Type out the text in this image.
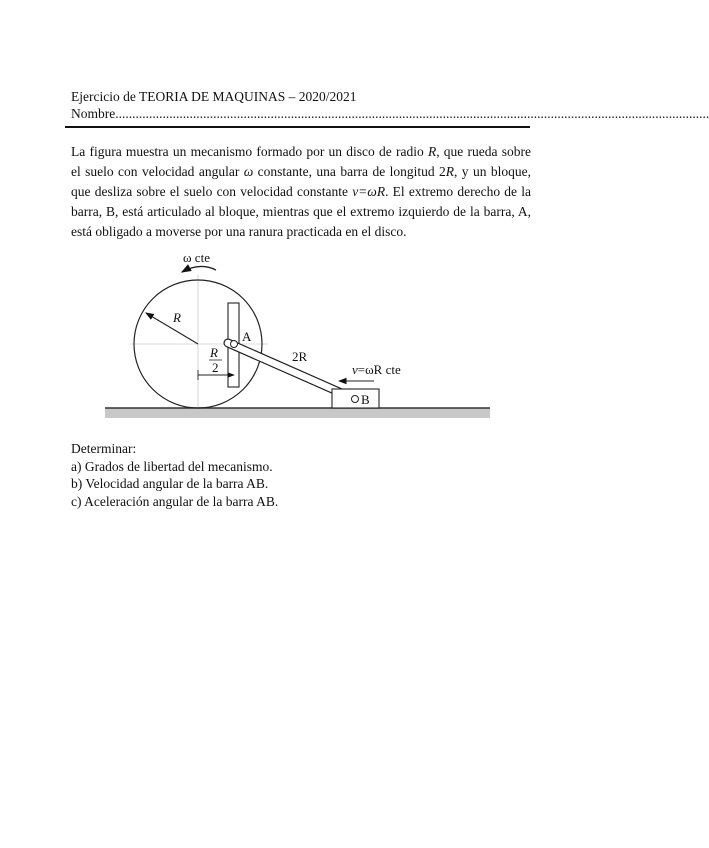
Ejercicio de TEORIA DE MAQUINAS – 2020/2021
Nombre................................................................................................................................................................................
La figura muestra un mecanismo formado por un disco de radio R, que rueda sobre el suelo con velocidad angular ω constante, una barra de longitud 2R, y un bloque, que desliza sobre el suelo con velocidad constante v=ωR. El extremo derecho de la barra, B, está articulado al bloque, mientras que el extremo izquierdo de la barra, A, está obligado a moverse por una ranura practicada en el disco.
R
ω cte
R
2
A
B
2R
v=ωR cte
Determinar:
a) Grados de libertad del mecanismo.
b) Velocidad angular de la barra AB.
c) Aceleración angular de la barra AB.
